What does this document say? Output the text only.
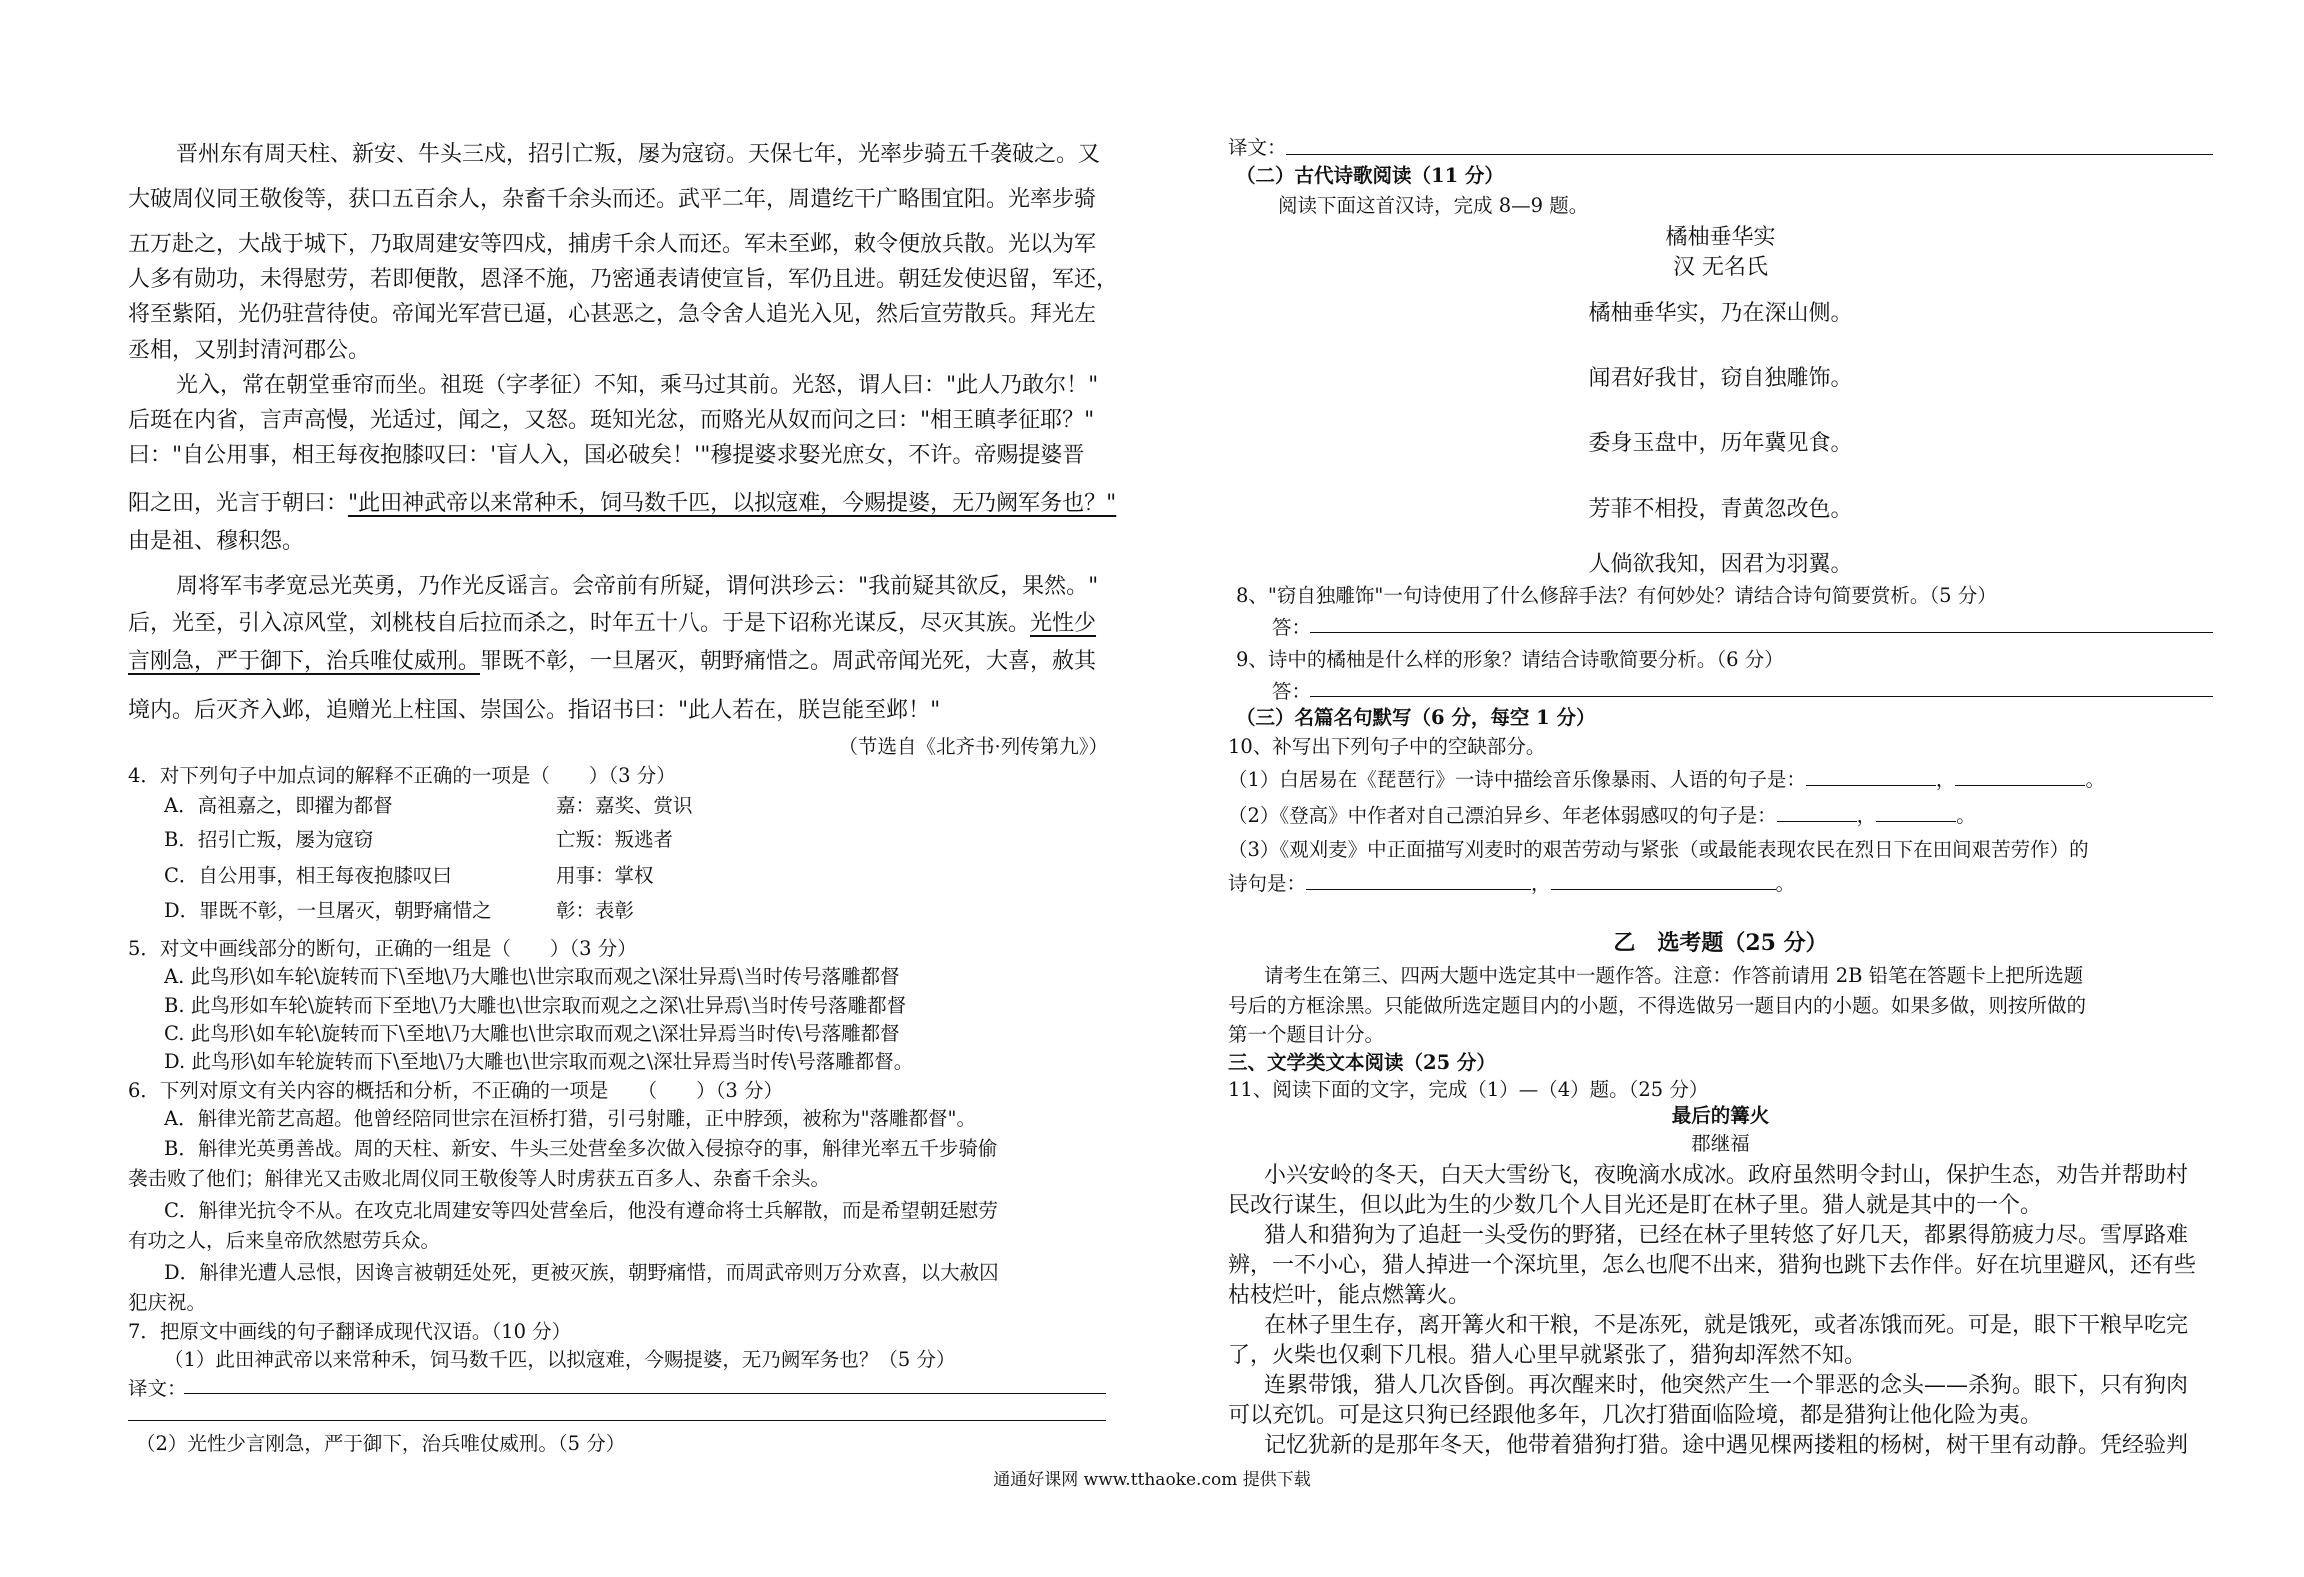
晋州东有周天柱、新安、牛头三戍，招引亡叛，屡为寇窃。天保七年，光率步骑五千袭破之。又
大破周仪同王敬俊等，获口五百余人，杂畜千余头而还。武平二年，周遣纥干广略围宜阳。光率步骑
五万赴之，大战于城下，乃取周建安等四戍，捕虏千余人而还。军未至邺，敕令便放兵散。光以为军
人多有勋功，未得慰劳，若即便散，恩泽不施，乃密通表请使宣旨，军仍且进。朝廷发使迟留，军还，
将至紫陌，光仍驻营待使。帝闻光军营已逼，心甚恶之，急令舍人追光入见，然后宣劳散兵。拜光左
丞相，又别封清河郡公。
光入，常在朝堂垂帘而坐。祖珽（字孝征）不知，乘马过其前。光怒，谓人曰："此人乃敢尔！"
后珽在内省，言声高慢，光适过，闻之，又怒。珽知光忿，而赂光从奴而问之曰："相王瞋孝征耶？"
曰："自公用事，相王每夜抱膝叹曰：'盲人入，国必破矣！'"穆提婆求娶光庶女，不许。帝赐提婆晋
阳之田，光言于朝曰："此田神武帝以来常种禾，饲马数千匹，以拟寇难，今赐提婆，无乃阙军务也？"
由是祖、穆积怨。
周将军韦孝宽忌光英勇，乃作光反谣言。会帝前有所疑，谓何洪珍云："我前疑其欲反，果然。"
后，光至，引入凉风堂，刘桃枝自后拉而杀之，时年五十八。于是下诏称光谋反，尽灭其族。光性少
言刚急，严于御下，治兵唯仗威刑。罪既不彰，一旦屠灭，朝野痛惜之。周武帝闻光死，大喜，赦其
境内。后灭齐入邺，追赠光上柱国、崇国公。指诏书曰："此人若在，朕岂能至邺！"
（节选自《北齐书·列传第九》）
4．对下列句子中加点词的解释不正确的一项是（　　）（3 分）
A．高祖嘉之，即擢为都督	嘉：嘉奖、赏识
B．招引亡叛，屡为寇窃	亡叛：叛逃者
C．自公用事，相王每夜抱膝叹曰	用事：掌权
D．罪既不彰，一旦屠灭，朝野痛惜之	彰：表彰
5．对文中画线部分的断句，正确的一组是（　　）（3 分）
A. 此鸟形\如车轮\旋转而下\至地\乃大雕也\世宗取而观之\深壮异焉\当时传号落雕都督
B. 此鸟形如车轮\旋转而下至地\乃大雕也\世宗取而观之之深\壮异焉\当时传号落雕都督
C. 此鸟形\如车轮\旋转而下\至地\乃大雕也\世宗取而观之\深壮异焉当时传\号落雕都督
D. 此鸟形\如车轮旋转而下\至地\乃大雕也\世宗取而观之\深壮异焉当时传\号落雕都督。
6．下列对原文有关内容的概括和分析，不正确的一项是　　（　　）（3 分）
A．斛律光箭艺高超。他曾经陪同世宗在洹桥打猎，引弓射雕，正中脖颈，被称为"落雕都督"。
B．斛律光英勇善战。周的天柱、新安、牛头三处营垒多次做入侵掠夺的事，斛律光率五千步骑偷
袭击败了他们；斛律光又击败北周仪同王敬俊等人时虏获五百多人、杂畜千余头。
C．斛律光抗令不从。在攻克北周建安等四处营垒后，他没有遵命将士兵解散，而是希望朝廷慰劳
有功之人，后来皇帝欣然慰劳兵众。
D．斛律光遭人忌恨，因谗言被朝廷处死，更被灭族，朝野痛惜，而周武帝则万分欢喜，以大赦囚
犯庆祝。
7．把原文中画线的句子翻译成现代汉语。（10 分）
（1）此田神武帝以来常种禾，饲马数千匹，以拟寇难，今赐提婆，无乃阙军务也？（5 分）
译文：
（2）光性少言刚急，严于御下，治兵唯仗威刑。（5 分）
译文：
（二）古代诗歌阅读（11 分）
阅读下面这首汉诗，完成 8—9 题。
橘柚垂华实
汉 无名氏
橘柚垂华实，乃在深山侧。
闻君好我甘，窃自独雕饰。
委身玉盘中，历年冀见食。
芳菲不相投，青黄忽改色。
人倘欲我知，因君为羽翼。
8、"窃自独雕饰"一句诗使用了什么修辞手法？有何妙处？请结合诗句简要赏析。（5 分）
答：
9、诗中的橘柚是什么样的形象？请结合诗歌简要分析。（6 分）
答：
（三）名篇名句默写（6 分，每空 1 分）
10、补写出下列句子中的空缺部分。
（1）白居易在《琵琶行》一诗中描绘音乐像暴雨、人语的句子是：	，	。
（2）《登高》中作者对自己漂泊异乡、年老体弱感叹的句子是：	，	。
（3）《观刈麦》中正面描写刈麦时的艰苦劳动与紧张（或最能表现农民在烈日下在田间艰苦劳作）的
诗句是：	，	。
乙　选考题（25 分）
请考生在第三、四两大题中选定其中一题作答。注意：作答前请用 2B 铅笔在答题卡上把所选题
号后的方框涂黑。只能做所选定题目内的小题，不得选做另一题目内的小题。如果多做，则按所做的
第一个题目计分。
三、文学类文本阅读（25 分）
11、阅读下面的文字，完成（1）—（4）题。（25 分）
最后的篝火
郡继福
小兴安岭的冬天，白天大雪纷飞，夜晚滴水成冰。政府虽然明令封山，保护生态，劝告并帮助村
民改行谋生，但以此为生的少数几个人目光还是盯在林子里。猎人就是其中的一个。
猎人和猎狗为了追赶一头受伤的野猪，已经在林子里转悠了好几天，都累得筋疲力尽。雪厚路难
辨，一不小心，猎人掉进一个深坑里，怎么也爬不出来，猎狗也跳下去作伴。好在坑里避风，还有些
枯枝烂叶，能点燃篝火。
在林子里生存，离开篝火和干粮，不是冻死，就是饿死，或者冻饿而死。可是，眼下干粮早吃完
了，火柴也仅剩下几根。猎人心里早就紧张了，猎狗却浑然不知。
连累带饿，猎人几次昏倒。再次醒来时，他突然产生一个罪恶的念头——杀狗。眼下，只有狗肉
可以充饥。可是这只狗已经跟他多年，几次打猎面临险境，都是猎狗让他化险为夷。
记忆犹新的是那年冬天，他带着猎狗打猎。途中遇见棵两搂粗的杨树，树干里有动静。凭经验判
通通好课网 www.tthaoke.com 提供下载
